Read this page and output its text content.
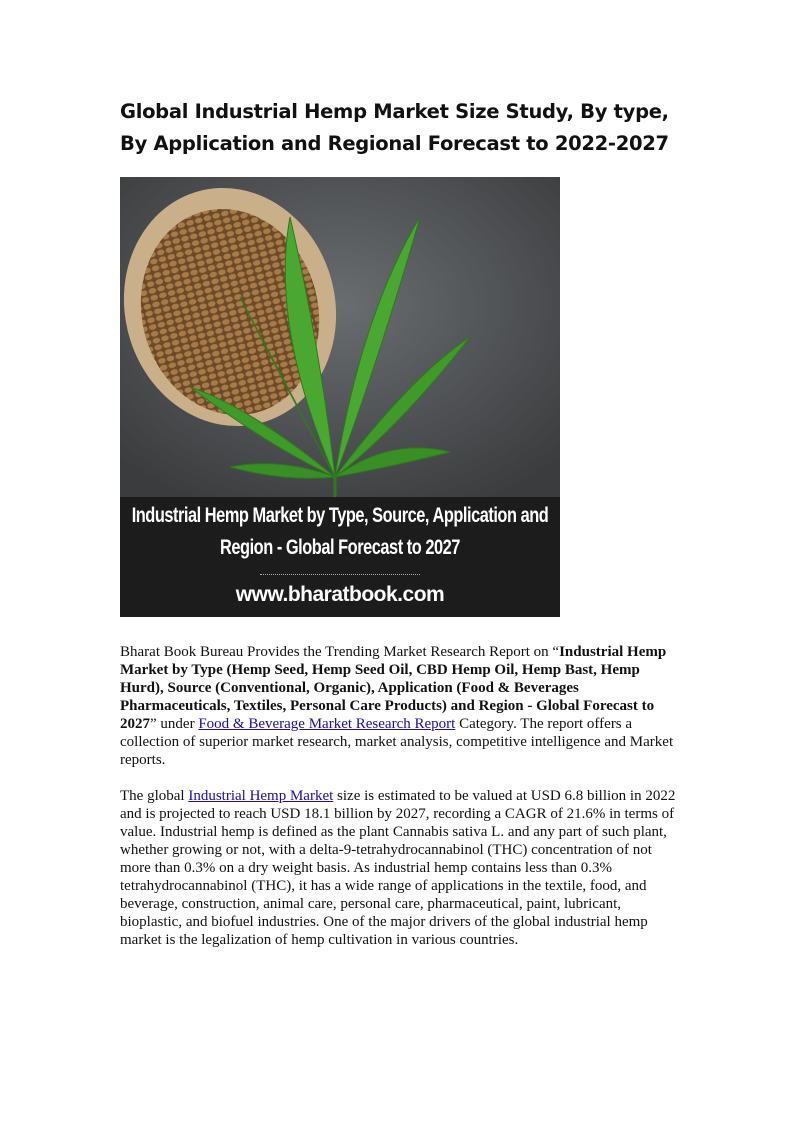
Global Industrial Hemp Market Size Study, By type, By Application and Regional Forecast to 2022-2027
Industrial Hemp Market by Type, Source, Application and
Region - Global Forecast to 2027
www.bharatbook.com

Bharat Book Bureau Provides the Trending Market Research Report on “Industrial Hemp Market by Type (Hemp Seed, Hemp Seed Oil, CBD Hemp Oil, Hemp Bast, Hemp Hurd), Source (Conventional, Organic), Application (Food & Beverages Pharmaceuticals, Textiles, Personal Care Products) and Region - Global Forecast to 2027” under Food & Beverage Market Research Report Category. The report offers a collection of superior market research, market analysis, competitive intelligence and Market reports.

The global Industrial Hemp Market size is estimated to be valued at USD 6.8 billion in 2022 and is projected to reach USD 18.1 billion by 2027, recording a CAGR of 21.6% in terms of value. Industrial hemp is defined as the plant Cannabis sativa L. and any part of such plant, whether growing or not, with a delta-9-tetrahydrocannabinol (THC) concentration of not more than 0.3% on a dry weight basis. As industrial hemp contains less than 0.3% tetrahydrocannabinol (THC), it has a wide range of applications in the textile, food, and beverage, construction, animal care, personal care, pharmaceutical, paint, lubricant, bioplastic, and biofuel industries. One of the major drivers of the global industrial hemp market is the legalization of hemp cultivation in various countries.
